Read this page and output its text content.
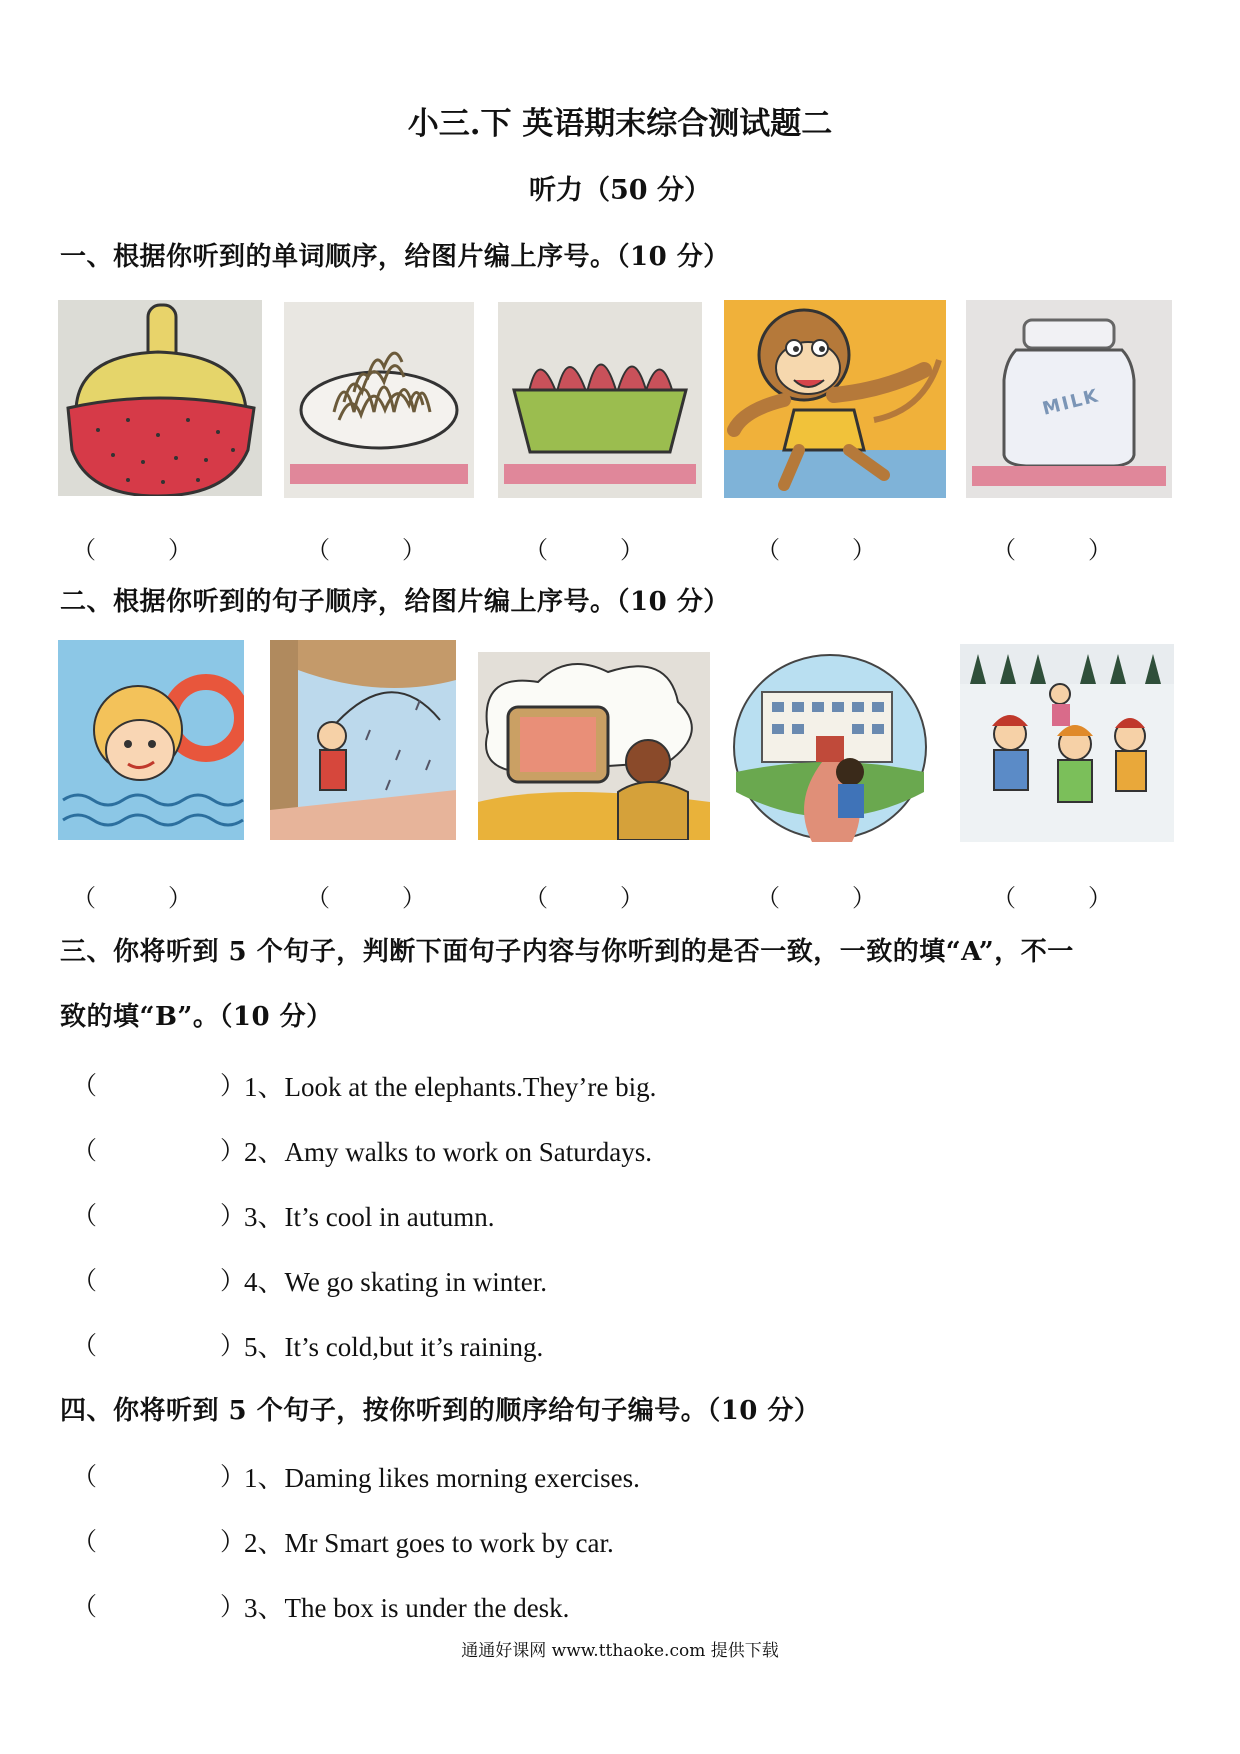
小三.下 英语期末综合测试题二
听力（50 分）
一、根据你听到的单词顺序，给图片编上序号。（10 分）
MILK
（	）	（	）	（	）	（	）	（	）
二、根据你听到的句子顺序，给图片编上序号。（10 分）
（	）	（	）	（	）	（	）	（	）
三、你将听到 5 个句子，判断下面句子内容与你听到的是否一致，一致的填“A”，不一
致的填“B”。（10 分）
（	）
1、Look at the elephants.They’re big.
（	）
2、Amy walks to work on Saturdays.
（	）
3、It’s cool in autumn.
（	）
4、We go skating in winter.
（	）
5、It’s cold,but it’s raining.
四、你将听到 5 个句子，按你听到的顺序给句子编号。（10 分）
（	）
1、Daming likes morning exercises.
（	）
2、Mr Smart goes to work by car.
（	）
3、The box is under the desk.
通通好课网 www.tthaoke.com 提供下载
